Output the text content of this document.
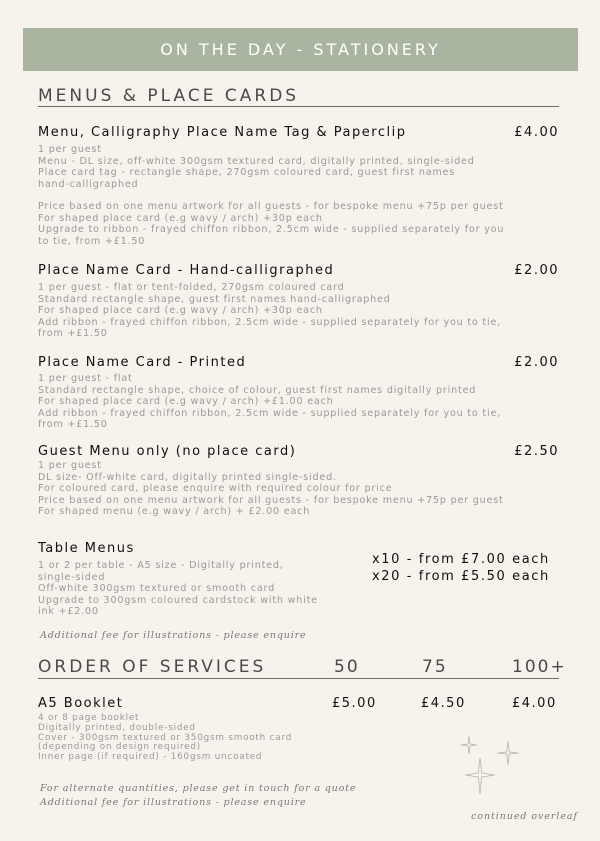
ON THE DAY - STATIONERY
MENUS & PLACE CARDS
Menu, Calligraphy Place Name Tag & Paperclip	£4.00
1 per guest
Menu - DL size, off-white 300gsm textured card, digitally printed, single-sided
Place card tag - rectangle shape, 270gsm coloured card, guest first names
hand-calligraphed
Price based on one menu artwork for all guests - for bespoke menu +75p per guest
For shaped place card (e.g wavy / arch) +30p each
Upgrade to ribbon - frayed chiffon ribbon, 2.5cm wide - supplied separately for you
to tie, from +£1.50
Place Name Card - Hand-calligraphed	£2.00
1 per guest - flat or tent-folded, 270gsm coloured card
Standard rectangle shape, guest first names hand-calligraphed
For shaped place card (e.g wavy / arch) +30p each
Add ribbon - frayed chiffon ribbon, 2.5cm wide - supplied separately for you to tie,
from +£1.50
Place Name Card - Printed	£2.00
1 per guest - flat
Standard rectangle shape, choice of colour, guest first names digitally printed
For shaped place card (e.g wavy / arch) +£1.00 each
Add ribbon - frayed chiffon ribbon, 2.5cm wide - supplied separately for you to tie,
from +£1.50
Guest Menu only (no place card)	£2.50
1 per guest
DL size- Off-white card, digitally printed single-sided.
For coloured card, please enquire with required colour for price
Price based on one menu artwork for all guests - for bespoke menu +75p per guest
For shaped menu (e.g wavy / arch) + £2.00 each
Table Menus
1 or 2 per table - A5 size - Digitally printed,
single-sided
Off-white 300gsm textured or smooth card
Upgrade to 300gsm coloured cardstock with white
ink +£2.00
x10 - from £7.00 each
x20 - from £5.50 each
Additional fee for illustrations - please enquire
ORDER OF SERVICES	50	75	100+
A5 Booklet	£5.00	£4.50	£4.00
4 or 8 page booklet
Digitally printed, double-sided
Cover - 300gsm textured or 350gsm smooth card
(depending on design required)
Inner page (if required) - 160gsm uncoated
For alternate quantities, please get in touch for a quote
Additional fee for illustrations - please enquire
continued overleaf
